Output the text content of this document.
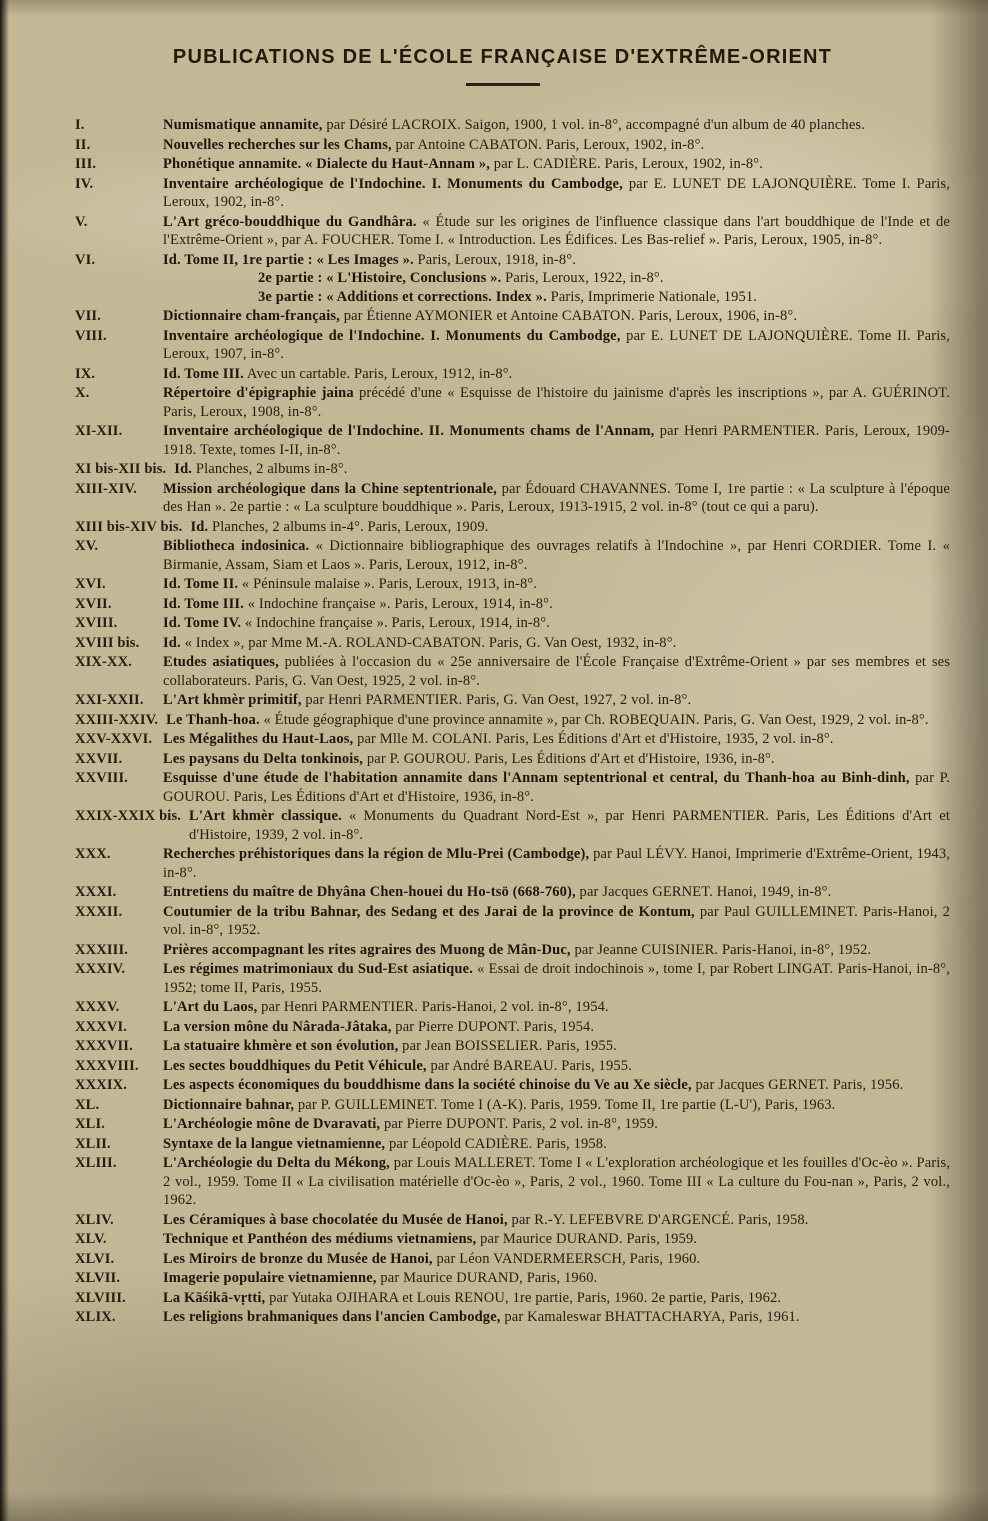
PUBLICATIONS DE L'ÉCOLE FRANÇAISE D'EXTRÊME-ORIENT
I.	Numismatique annamite, par Désiré LACROIX. Saigon, 1900, 1 vol. in-8°, accompagné d'un album de 40 planches.
II.	Nouvelles recherches sur les Chams, par Antoine CABATON. Paris, Leroux, 1902, in-8°.
III.	Phonétique annamite. « Dialecte du Haut-Annam », par L. CADIÈRE. Paris, Leroux, 1902, in-8°.
IV.	Inventaire archéologique de l'Indochine. I. Monuments du Cambodge, par E. LUNET DE LAJONQUIÈRE. Tome I. Paris, Leroux, 1902, in-8°.
V.	L'Art gréco-bouddhique du Gandhâra. « Étude sur les origines de l'influence classique dans l'art bouddhique de l'Inde et de l'Extrême-Orient », par A. FOUCHER. Tome I. « Introduction. Les Édifices. Les Bas-relief ». Paris, Leroux, 1905, in-8°.
VI.	Id. Tome II, 1re partie : « Les Images ». Paris, Leroux, 1918, in-8°.
2e partie : « L'Histoire, Conclusions ». Paris, Leroux, 1922, in-8°.
3e partie : « Additions et corrections. Index ». Paris, Imprimerie Nationale, 1951.
VII.	Dictionnaire cham-français, par Étienne AYMONIER et Antoine CABATON. Paris, Leroux, 1906, in-8°.
VIII.	Inventaire archéologique de l'Indochine. I. Monuments du Cambodge, par E. LUNET DE LAJONQUIÈRE. Tome II. Paris, Leroux, 1907, in-8°.
IX.	Id. Tome III. Avec un cartable. Paris, Leroux, 1912, in-8°.
X.	Répertoire d'épigraphie jaina précédé d'une « Esquisse de l'histoire du jainisme d'après les inscriptions », par A. GUÉRINOT. Paris, Leroux, 1908, in-8°.
XI-XII.	Inventaire archéologique de l'Indochine. II. Monuments chams de l'Annam, par Henri PARMENTIER. Paris, Leroux, 1909-1918. Texte, tomes I-II, in-8°.
XI bis-XII bis. Id. Planches, 2 albums in-8°.
XIII-XIV.	Mission archéologique dans la Chine septentrionale, par Édouard CHAVANNES. Tome I, 1re partie : « La sculpture à l'époque des Han ». 2e partie : « La sculpture bouddhique ». Paris, Leroux, 1913-1915, 2 vol. in-8° (tout ce qui a paru).
XIII bis-XIV bis. Id. Planches, 2 albums in-4°. Paris, Leroux, 1909.
XV.	Bibliotheca indosinica. « Dictionnaire bibliographique des ouvrages relatifs à l'Indochine », par Henri CORDIER. Tome I. « Birmanie, Assam, Siam et Laos ». Paris, Leroux, 1912, in-8°.
XVI.	Id. Tome II. « Péninsule malaise ». Paris, Leroux, 1913, in-8°.
XVII.	Id. Tome III. « Indochine française ». Paris, Leroux, 1914, in-8°.
XVIII.	Id. Tome IV. « Indochine française ». Paris, Leroux, 1914, in-8°.
XVIII bis.	Id. « Index », par Mme M.-A. ROLAND-CABATON. Paris, G. Van Oest, 1932, in-8°.
XIX-XX.	Etudes asiatiques, publiées à l'occasion du « 25e anniversaire de l'École Française d'Extrême-Orient » par ses membres et ses collaborateurs. Paris, G. Van Oest, 1925, 2 vol. in-8°.
XXI-XXII.	L'Art khmèr primitif, par Henri PARMENTIER. Paris, G. Van Oest, 1927, 2 vol. in-8°.
XXIII-XXIV. Le Thanh-hoa. « Étude géographique d'une province annamite », par Ch. ROBEQUAIN. Paris, G. Van Oest, 1929, 2 vol. in-8°.
XXV-XXVI. Les Mégalithes du Haut-Laos, par Mlle M. COLANI. Paris, Les Éditions d'Art et d'Histoire, 1935, 2 vol. in-8°.
XXVII.	Les paysans du Delta tonkinois, par P. GOUROU. Paris, Les Éditions d'Art et d'Histoire, 1936, in-8°.
XXVIII.	Esquisse d'une étude de l'habitation annamite dans l'Annam septentrional et central, du Thanh-hoa au Binh-dinh, par P. GOUROU. Paris, Les Éditions d'Art et d'Histoire, 1936, in-8°.
XXIX-XXIX bis. L'Art khmèr classique. « Monuments du Quadrant Nord-Est », par Henri PARMENTIER. Paris, Les Éditions d'Art et d'Histoire, 1939, 2 vol. in-8°.
XXX.	Recherches préhistoriques dans la région de Mlu-Prei (Cambodge), par Paul LÉVY. Hanoi, Imprimerie d'Extrême-Orient, 1943, in-8°.
XXXI.	Entretiens du maître de Dhyâna Chen-houei du Ho-tsö (668-760), par Jacques GERNET. Hanoi, 1949, in-8°.
XXXII.	Coutumier de la tribu Bahnar, des Sedang et des Jarai de la province de Kontum, par Paul GUILLEMINET. Paris-Hanoi, 2 vol. in-8°, 1952.
XXXIII.	Prières accompagnant les rites agraires des Muong de Mân-Duc, par Jeanne CUISINIER. Paris-Hanoi, in-8°, 1952.
XXXIV.	Les régimes matrimoniaux du Sud-Est asiatique. « Essai de droit indochinois », tome I, par Robert LINGAT. Paris-Hanoi, in-8°, 1952; tome II, Paris, 1955.
XXXV.	L'Art du Laos, par Henri PARMENTIER. Paris-Hanoi, 2 vol. in-8°, 1954.
XXXVI.	La version mône du Nârada-Jâtaka, par Pierre DUPONT. Paris, 1954.
XXXVII.	La statuaire khmère et son évolution, par Jean BOISSELIER. Paris, 1955.
XXXVIII.	Les sectes bouddhiques du Petit Véhicule, par André BAREAU. Paris, 1955.
XXXIX.	Les aspects économiques du bouddhisme dans la société chinoise du Ve au Xe siècle, par Jacques GERNET. Paris, 1956.
XL.	Dictionnaire bahnar, par P. GUILLEMINET. Tome I (A-K). Paris, 1959. Tome II, 1re partie (L-U'), Paris, 1963.
XLI.	L'Archéologie mône de Dvaravati, par Pierre DUPONT. Paris, 2 vol. in-8°, 1959.
XLII.	Syntaxe de la langue vietnamienne, par Léopold CADIÈRE. Paris, 1958.
XLIII.	L'Archéologie du Delta du Mékong, par Louis MALLERET. Tome I « L'exploration archéologique et les fouilles d'Oc-èo ». Paris, 2 vol., 1959. Tome II « La civilisation matérielle d'Oc-èo », Paris, 2 vol., 1960. Tome III « La culture du Fou-nan », Paris, 2 vol., 1962.
XLIV.	Les Céramiques à base chocolatée du Musée de Hanoi, par R.-Y. LEFEBVRE D'ARGENCÉ. Paris, 1958.
XLV.	Technique et Panthéon des médiums vietnamiens, par Maurice DURAND. Paris, 1959.
XLVI.	Les Miroirs de bronze du Musée de Hanoi, par Léon VANDERMEERSCH, Paris, 1960.
XLVII.	Imagerie populaire vietnamienne, par Maurice DURAND, Paris, 1960.
XLVIII.	La Kāśikā-vṛtti, par Yutaka OJIHARA et Louis RENOU, 1re partie, Paris, 1960. 2e partie, Paris, 1962.
XLIX.	Les religions brahmaniques dans l'ancien Cambodge, par Kamaleswar BHATTACHARYA, Paris, 1961.
